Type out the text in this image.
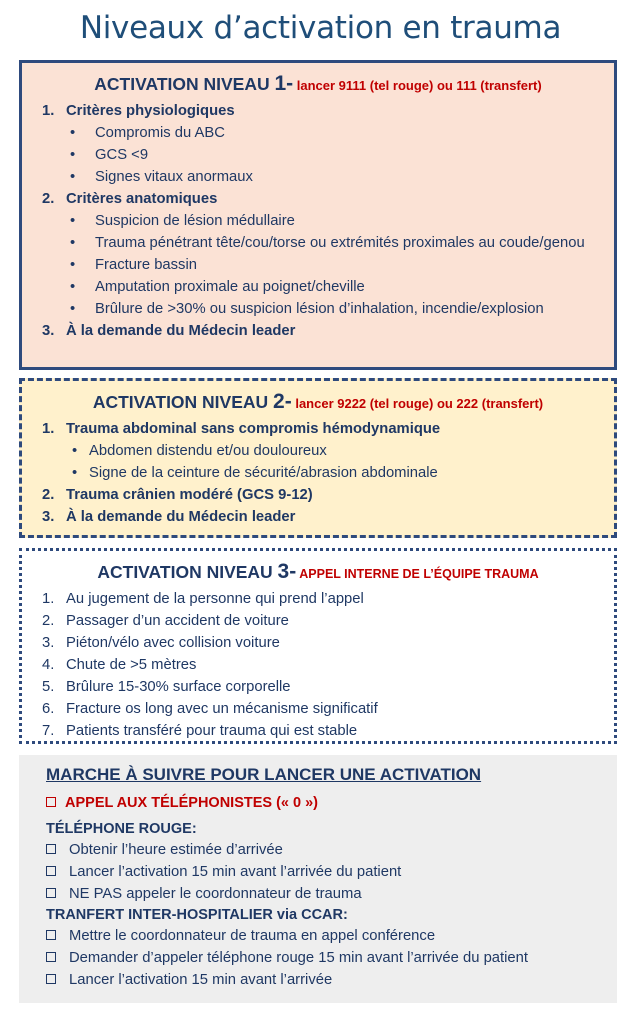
Niveaux d’activation en trauma
ACTIVATION NIVEAU 1- lancer 9111 (tel rouge) ou 111 (transfert)
1. Critères physiologiques
• Compromis du ABC
• GCS <9
• Signes vitaux anormaux
2. Critères anatomiques
• Suspicion de lésion médullaire
• Trauma pénétrant tête/cou/torse ou extrémités proximales au coude/genou
• Fracture bassin
• Amputation proximale au poignet/cheville
• Brûlure de >30% ou suspicion lésion d’inhalation, incendie/explosion
3. À la demande du Médecin leader
ACTIVATION NIVEAU 2- lancer 9222 (tel rouge) ou 222 (transfert)
1. Trauma abdominal sans compromis hémodynamique
• Abdomen distendu et/ou douloureux
• Signe de la ceinture de sécurité/abrasion abdominale
2. Trauma crânien modéré (GCS 9-12)
3. À la demande du Médecin leader
ACTIVATION NIVEAU 3- APPEL INTERNE DE L’ÉQUIPE TRAUMA
1. Au jugement de la personne qui prend l’appel
2. Passager d’un accident de voiture
3. Piéton/vélo avec collision voiture
4. Chute de >5 mètres
5. Brûlure 15-30% surface corporelle
6. Fracture os long avec un mécanisme significatif
7. Patients transféré pour trauma qui est stable
MARCHE À SUIVRE POUR LANCER UNE ACTIVATION
APPEL AUX TÉLÉPHONISTES (« 0 »)
TÉLÉPHONE ROUGE:
Obtenir l’heure estimée d’arrivée
Lancer l’activation 15 min avant l’arrivée du patient
NE PAS appeler le coordonnateur de trauma
TRANFERT INTER-HOSPITALIER via CCAR:
Mettre le coordonnateur de trauma en appel conférence
Demander d’appeler téléphone rouge 15 min avant l’arrivée du patient
Lancer l’activation 15 min avant l’arrivée
